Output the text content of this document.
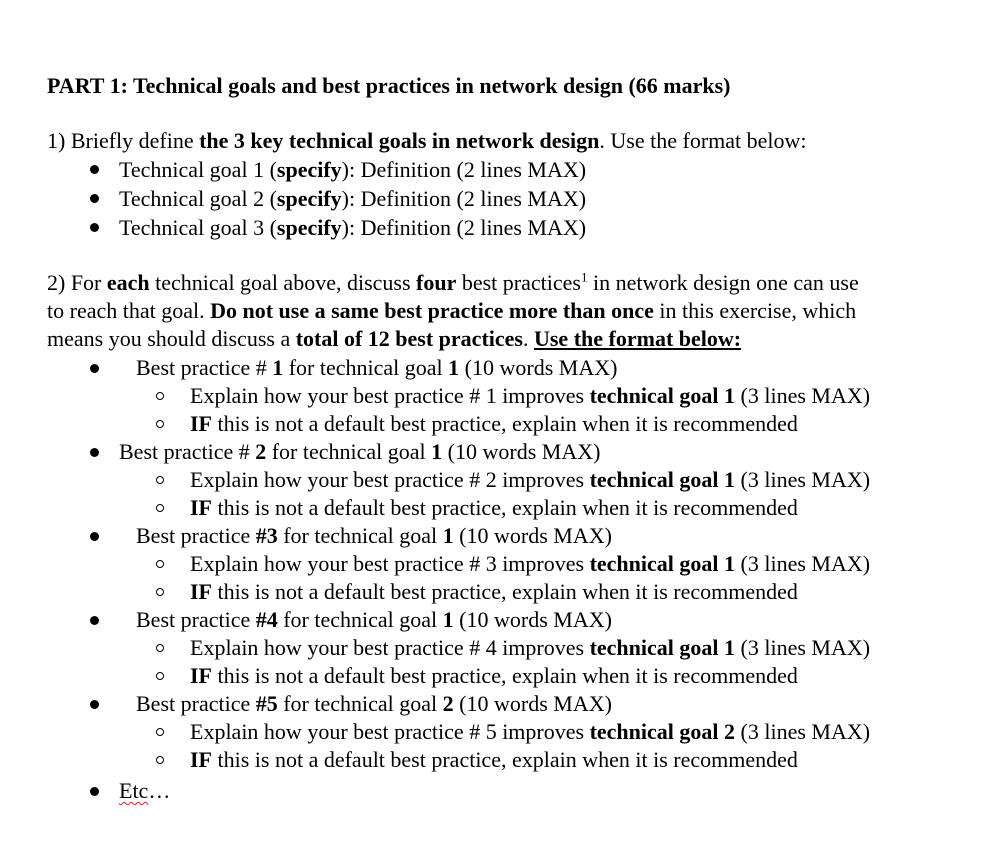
PART 1: Technical goals and best practices in network design (66 marks)
1) Briefly define the 3 key technical goals in network design. Use the format below:
Technical goal 1 (specify): Definition (2 lines MAX)
Technical goal 2 (specify): Definition (2 lines MAX)
Technical goal 3 (specify): Definition (2 lines MAX)
2) For each technical goal above, discuss four best practices$^1$ in network design one can use
to reach that goal. Do not use a same best practice more than once in this exercise, which
means you should discuss a total of 12 best practices. Use the format below:
Best practice # 1 for technical goal 1 (10 words MAX)
Explain how your best practice # 1 improves technical goal 1 (3 lines MAX)
IF this is not a default best practice, explain when it is recommended
Best practice # 2 for technical goal 1 (10 words MAX)
Explain how your best practice # 2 improves technical goal 1 (3 lines MAX)
IF this is not a default best practice, explain when it is recommended
Best practice #3 for technical goal 1 (10 words MAX)
Explain how your best practice # 3 improves technical goal 1 (3 lines MAX)
IF this is not a default best practice, explain when it is recommended
Best practice #4 for technical goal 1 (10 words MAX)
Explain how your best practice # 4 improves technical goal 1 (3 lines MAX)
IF this is not a default best practice, explain when it is recommended
Best practice #5 for technical goal 2 (10 words MAX)
Explain how your best practice # 5 improves technical goal 2 (3 lines MAX)
IF this is not a default best practice, explain when it is recommended
Etc…
